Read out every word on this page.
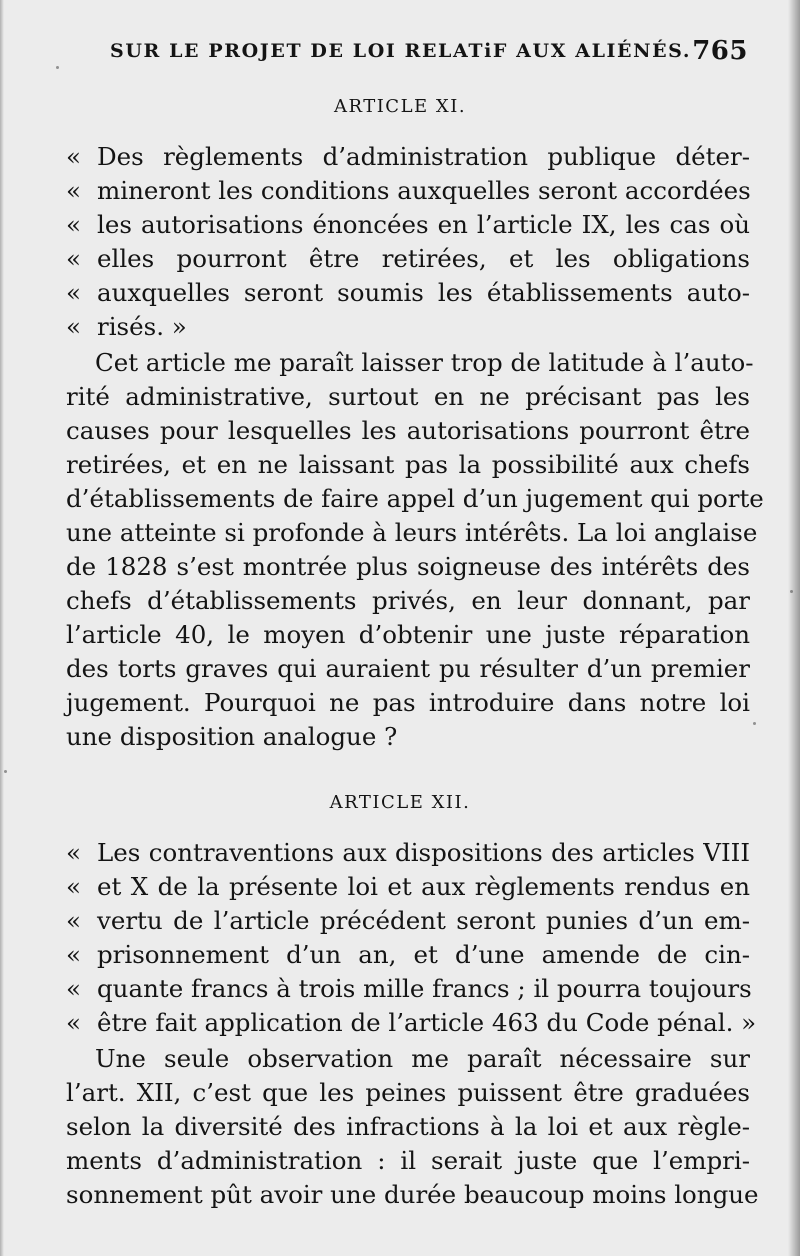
SUR LE PROJET DE LOI RELATiF AUX ALIÉNÉS. 765
ARTICLE XI.
« Des règlements d’administration publique déter-
« mineront les conditions auxquelles seront accordées
« les autorisations énoncées en l’article IX, les cas où
« elles pourront être retirées, et les obligations
« auxquelles seront soumis les établissements auto-
« risés. »
Cet article me paraît laisser trop de latitude à l’auto-
rité administrative, surtout en ne précisant pas les
causes pour lesquelles les autorisations pourront être
retirées, et en ne laissant pas la possibilité aux chefs
d’établissements de faire appel d’un jugement qui porte
une atteinte si profonde à leurs intérêts. La loi anglaise
de 1828 s’est montrée plus soigneuse des intérêts des
chefs d’établissements privés, en leur donnant, par
l’article 40, le moyen d’obtenir une juste réparation
des torts graves qui auraient pu résulter d’un premier
jugement. Pourquoi ne pas introduire dans notre loi
une disposition analogue ?
ARTICLE XII.
« Les contraventions aux dispositions des articles VIII
« et X de la présente loi et aux règlements rendus en
« vertu de l’article précédent seront punies d’un em-
« prisonnement d’un an, et d’une amende de cin-
« quante francs à trois mille francs ; il pourra toujours
« être fait application de l’article 463 du Code pénal. »
Une seule observation me paraît nécessaire sur
l’art. XII, c’est que les peines puissent être graduées
selon la diversité des infractions à la loi et aux règle-
ments d’administration : il serait juste que l’empri-
sonnement pût avoir une durée beaucoup moins longue
